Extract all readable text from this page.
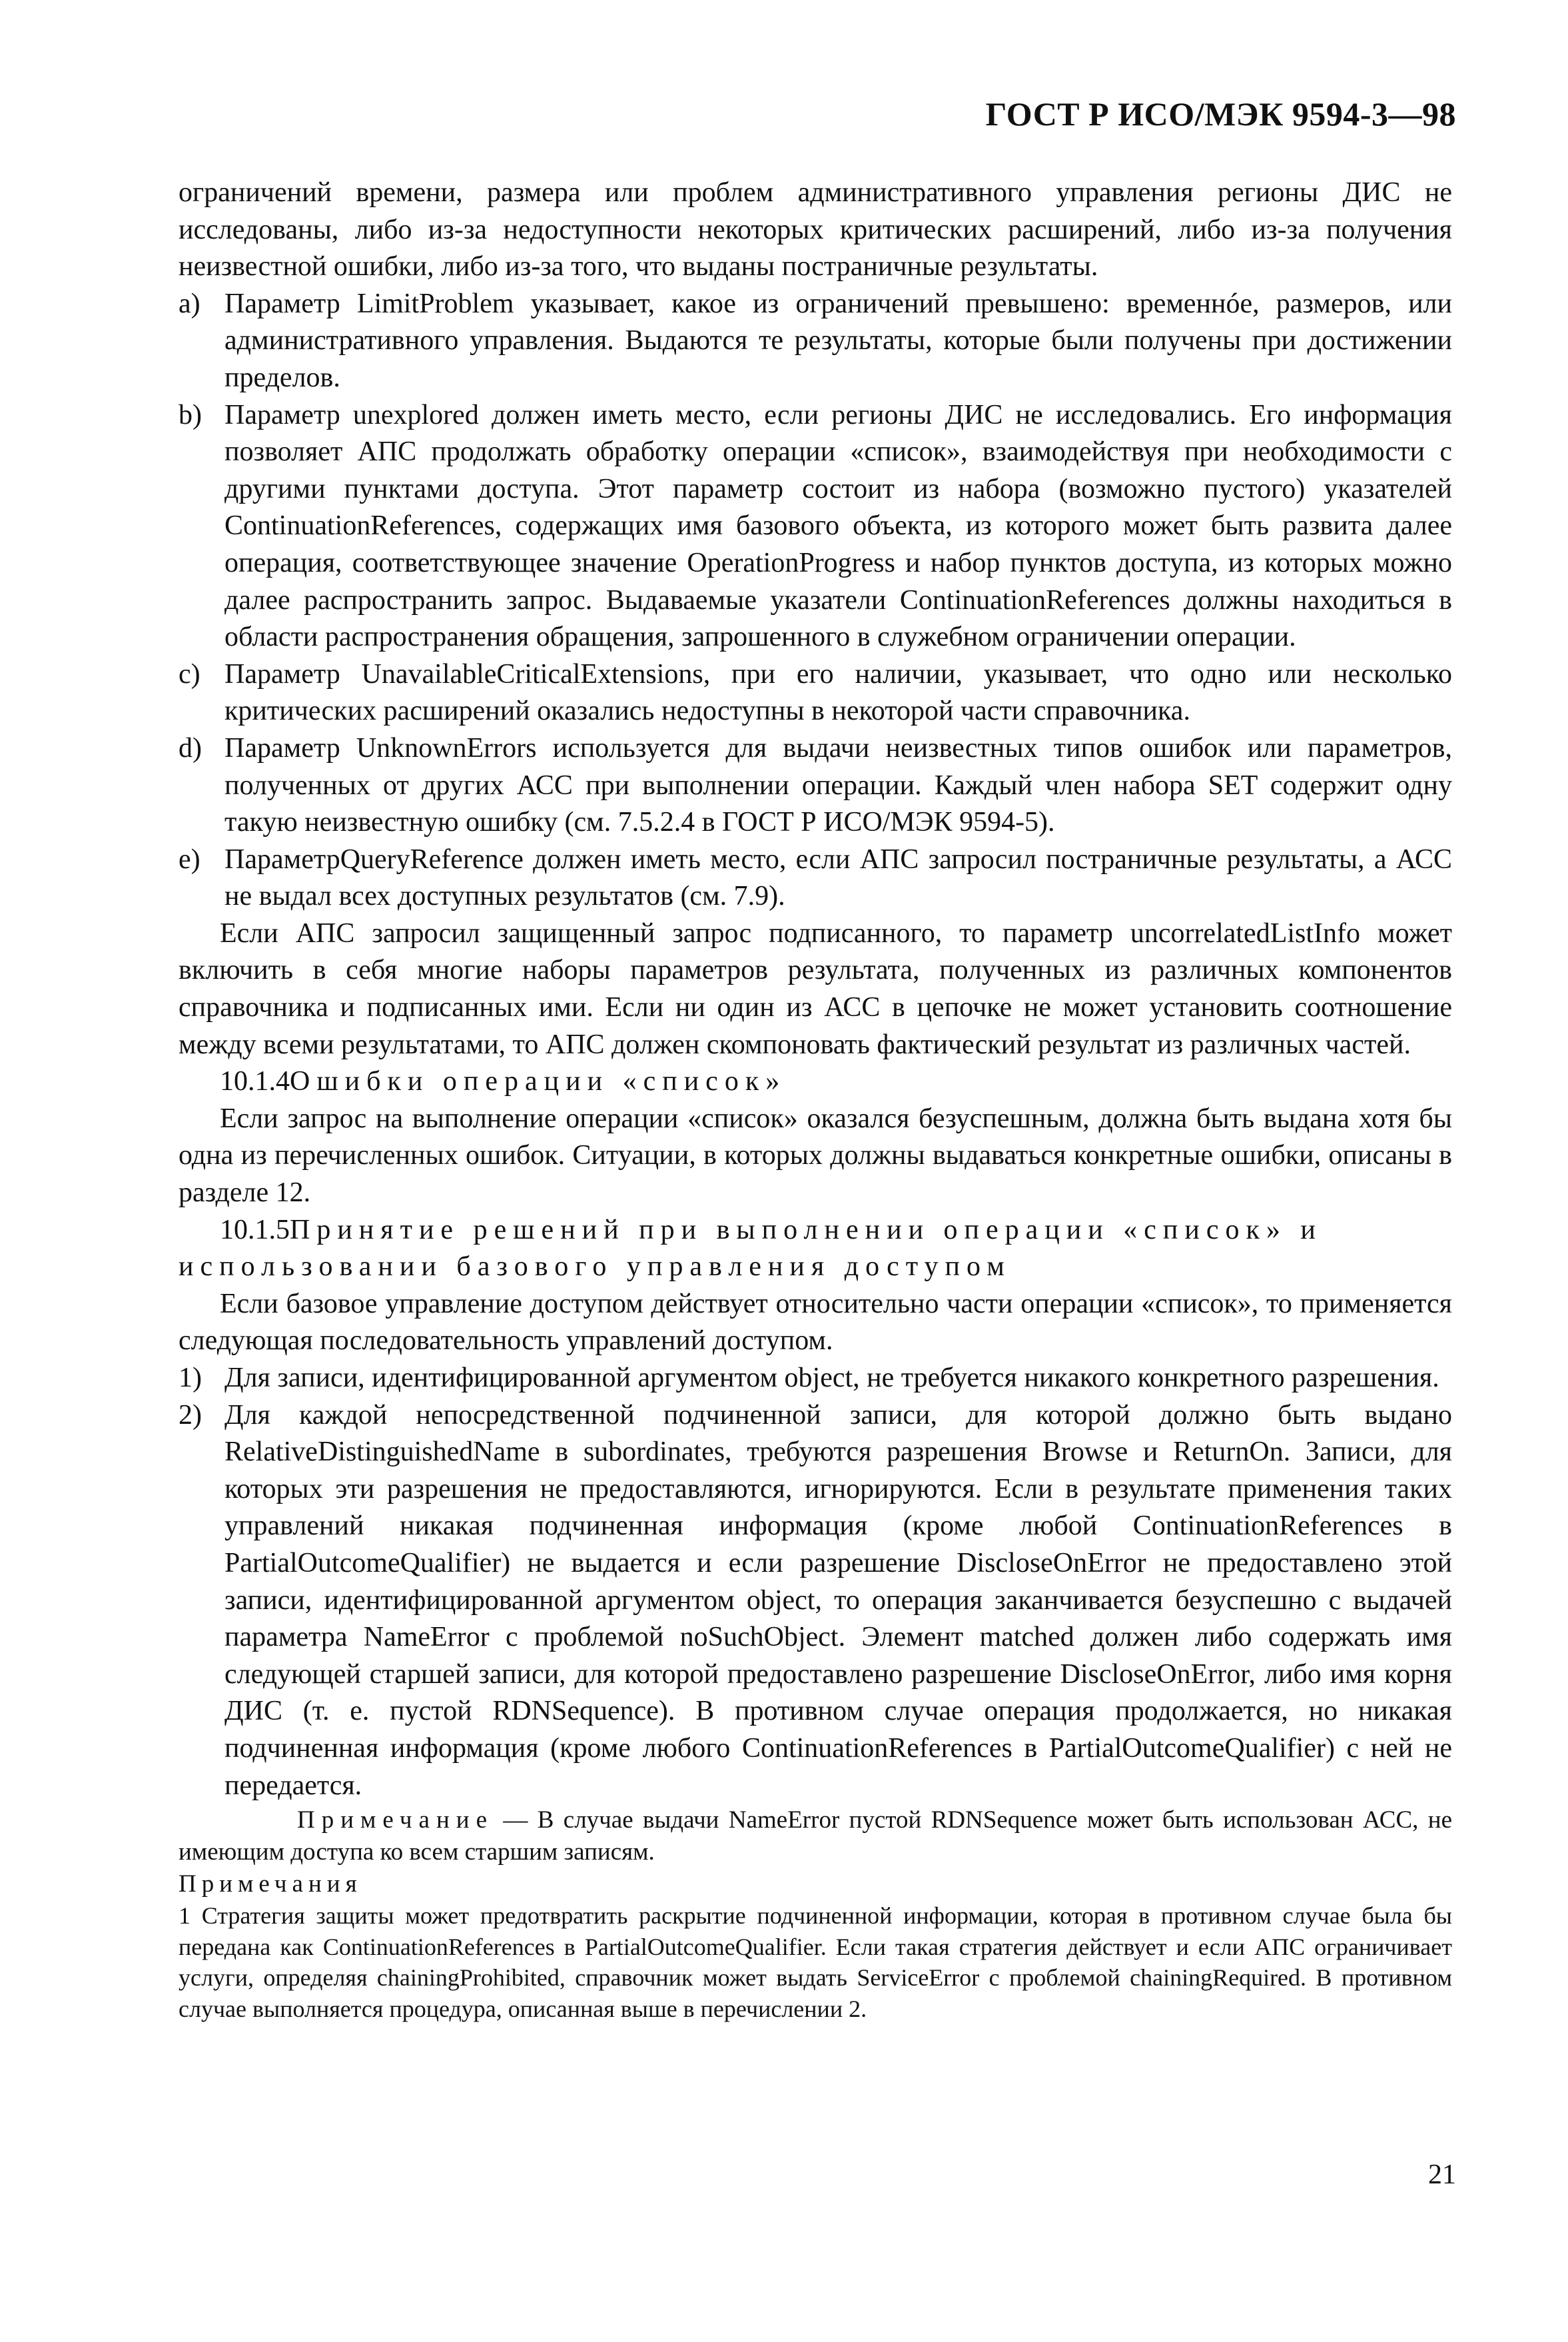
ГОСТ Р ИСО/МЭК 9594-3—98

ограничений времени, размера или проблем административного управления регионы ДИС не исследованы, либо из-за недоступности некоторых критических расширений, либо из-за получения неизвестной ошибки, либо из-за того, что выданы постраничные результаты.

a) Параметр LimitProblem указывает, какое из ограничений превышено: временнóе, размеров, или административного управления. Выдаются те результаты, которые были получены при достижении пределов.

b) Параметр unexplored должен иметь место, если регионы ДИС не исследовались. Его информация позволяет АПС продолжать обработку операции «список», взаимодействуя при необходимости с другими пунктами доступа. Этот параметр состоит из набора (возможно пустого) указателей ContinuationReferences, содержащих имя базового объекта, из которого может быть развита далее операция, соответствующее значение OperationProgress и набор пунктов доступа, из которых можно далее распространить запрос. Выдаваемые указатели ContinuationReferences должны находиться в области распространения обращения, запрошенного в служебном ограничении операции.

c) Параметр UnavailableCriticalExtensions, при его наличии, указывает, что одно или несколько критических расширений оказались недоступны в некоторой части справочника.

d) Параметр UnknownErrors используется для выдачи неизвестных типов ошибок или параметров, полученных от других АСС при выполнении операции. Каждый член набора SET содержит одну такую неизвестную ошибку (см. 7.5.2.4 в ГОСТ Р ИСО/МЭК 9594-5).

e) ПараметрQueryReference должен иметь место, если АПС запросил постраничные результаты, а АСС не выдал всех доступных результатов (см. 7.9).

Если АПС запросил защищенный запрос подписанного, то параметр uncorrelatedListInfo может включить в себя многие наборы параметров результата, полученных из различных компонентов справочника и подписанных ими. Если ни один из АСС в цепочке не может установить соотношение между всеми результатами, то АПС должен скомпоновать фактический результат из различных частей.

10.1.4Ошибки операции «список»

Если запрос на выполнение операции «список» оказался безуспешным, должна быть выдана хотя бы одна из перечисленных ошибок. Ситуации, в которых должны выдаваться конкретные ошибки, описаны в разделе 12.

10.1.5Принятие решений при выполнении операции «список» и использовании базового управления доступом

Если базовое управление доступом действует относительно части операции «список», то применяется следующая последовательность управлений доступом.

1) Для записи, идентифицированной аргументом object, не требуется никакого конкретного разрешения.

2) Для каждой непосредственной подчиненной записи, для которой должно быть выдано RelativeDistinguishedName в subordinates, требуются разрешения Browse и ReturnOn. Записи, для которых эти разрешения не предоставляются, игнорируются. Если в результате применения таких управлений никакая подчиненная информация (кроме любой ContinuationReferences в PartialOutcomeQualifier) не выдается и если разрешение DiscloseOnError не предоставлено этой записи, идентифицированной аргументом object, то операция заканчивается безуспешно с выдачей параметра NameError с проблемой noSuchObject. Элемент matched должен либо содержать имя следующей старшей записи, для которой предоставлено разрешение DiscloseOnError, либо имя корня ДИС (т. е. пустой RDNSequence). В противном случае операция продолжается, но никакая подчиненная информация (кроме любого ContinuationReferences в PartialOutcomeQualifier) с ней не передается.

Примечание — В случае выдачи NameError пустой RDNSequence может быть использован АСС, не имеющим доступа ко всем старшим записям.

Примечания

1 Стратегия защиты может предотвратить раскрытие подчиненной информации, которая в противном случае была бы передана как ContinuationReferences в PartialOutcomeQualifier. Если такая стратегия действует и если АПС ограничивает услуги, определяя chainingProhibited, справочник может выдать ServiceError с проблемой chainingRequired. В противном случае выполняется процедура, описанная выше в перечислении 2.

21
